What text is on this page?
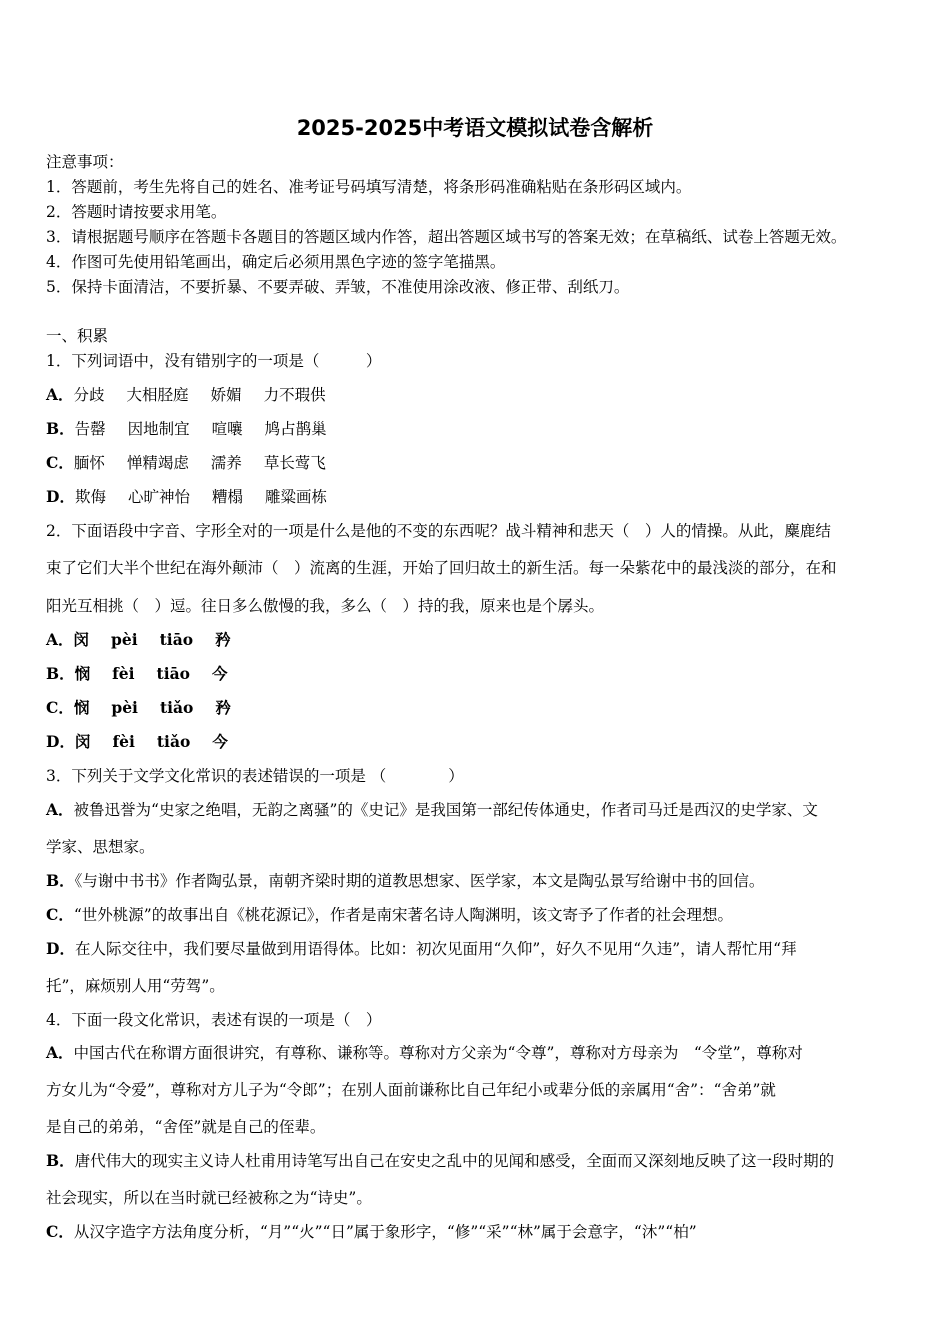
2025-2025中考语文模拟试卷含解析
注意事项：
1．答题前，考生先将自己的姓名、准考证号码填写清楚，将条形码准确粘贴在条形码区域内。
2．答题时请按要求用笔。
3．请根据题号顺序在答题卡各题目的答题区域内作答，超出答题区域书写的答案无效；在草稿纸、试卷上答题无效。
4．作图可先使用铅笔画出，确定后必须用黑色字迹的签字笔描黑。
5．保持卡面清洁，不要折暴、不要弄破、弄皱，不准使用涂改液、修正带、刮纸刀。
一、积累
1．下列词语中，没有错别字的一项是（　　　）
A．分歧 大相胫庭 娇媚 力不瑕供
B．告罄 因地制宜 喧嚷 鸠占鹊巢
C．腼怀 惮精竭虑 濡养 草长莺飞
D．欺侮 心旷神怡 糟榻 雕粱画栋
2．下面语段中字音、字形全对的一项是什么是他的不变的东西呢？战斗精神和悲天（　）人的情操。从此，麋鹿结
束了它们大半个世纪在海外颠沛（　）流离的生涯，开始了回归故土的新生活。每一朵紫花中的最浅淡的部分，在和
阳光互相挑（　）逗。往日多么傲慢的我，多么（　）持的我，原来也是个孱头。
A．闵 pèi tiāo 矜
B．悯 fèi tiāo 今
C．悯 pèi tiǎo 矜
D．闵 fèi tiǎo 今
3．下列关于文学文化常识的表述错误的一项是 （　　　　）
A．被鲁迅誉为“史家之绝唱，无韵之离骚”的《史记》是我国第一部纪传体通史，作者司马迁是西汉的史学家、文
学家、思想家。
B．《与谢中书书》作者陶弘景，南朝齐梁时期的道教思想家、医学家，本文是陶弘景写给谢中书的回信。
C．“世外桃源”的故事出自《桃花源记》，作者是南宋著名诗人陶渊明，该文寄予了作者的社会理想。
D．在人际交往中，我们要尽量做到用语得体。比如：初次见面用“久仰”，好久不见用“久违”，请人帮忙用“拜
托”，麻烦别人用“劳驾”。
4．下面一段文化常识，表述有误的一项是（　）
A．中国古代在称谓方面很讲究，有尊称、谦称等。尊称对方父亲为“令尊”，尊称对方母亲为　“令堂”，尊称对
方女儿为“令爱”，尊称对方儿子为“令郎”；在别人面前谦称比自己年纪小或辈分低的亲属用“舍”：“舍弟”就
是自己的弟弟，“舍侄”就是自己的侄辈。
B．唐代伟大的现实主义诗人杜甫用诗笔写出自己在安史之乱中的见闻和感受，全面而又深刻地反映了这一段时期的
社会现实，所以在当时就已经被称之为“诗史”。
C．从汉字造字方法角度分析，“月”“火”“日”属于象形字，“修”“采”“林”属于会意字，“沐”“柏”
